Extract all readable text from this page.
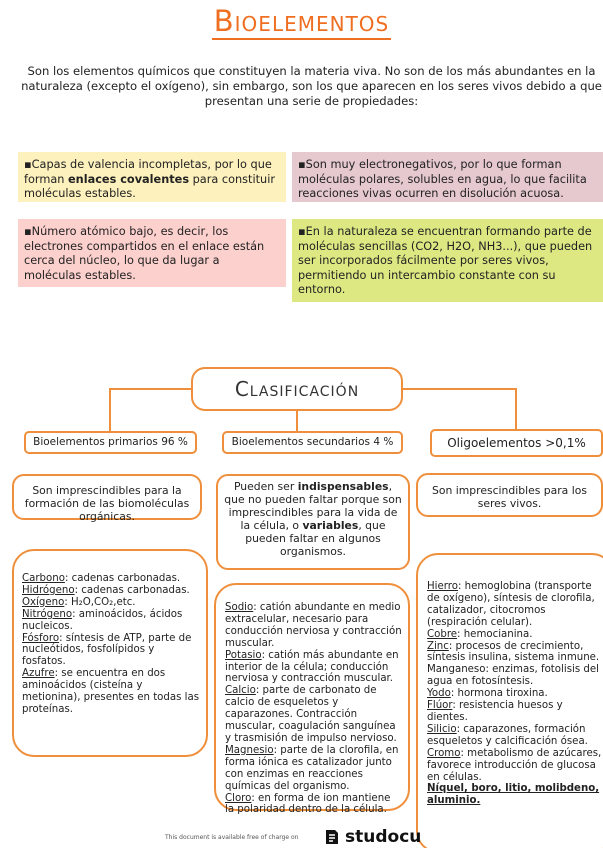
Bioelementos

Son los elementos químicos que constituyen la materia viva. No son de los más abundantes en la naturaleza (excepto el oxígeno), sin embargo, son los que aparecen en los seres vivos debido a que presentan una serie de propiedades:

▪Capas de valencia incompletas, por lo que forman enlaces covalentes para constituir moléculas estables.
▪Son muy electronegativos, por lo que forman moléculas polares, solubles en agua, lo que facilita reacciones vivas ocurren en disolución acuosa.
▪Número atómico bajo, es decir, los electrones compartidos en el enlace están cerca del núcleo, lo que da lugar a moléculas estables.
▪En la naturaleza se encuentran formando parte de moléculas sencillas (CO2, H2O, NH3...), que pueden ser incorporados fácilmente por seres vivos, permitiendo un intercambio constante con su entorno.
Clasificación
Bioelementos primarios 96 %	Bioelementos secundarios 4 %	Oligoelementos >0,1%
Son imprescindibles para la formación de las biomoléculas orgánicas.
Pueden ser indispensables, que no pueden faltar porque son imprescindibles para la vida de la célula, o variables, que pueden faltar en algunos organismos.
Son imprescindibles para los seres vivos.
Carbono: cadenas carbonadas.
Hidrógeno: cadenas carbonadas.
Oxígeno: H₂O,CO₂,etc.
Nitrógeno: aminoácidos, ácidos nucleicos.
Fósforo: síntesis de ATP, parte de nucleótidos, fosfolípidos y fosfatos.
Azufre: se encuentra en dos aminoácidos (cisteína y metionina), presentes en todas las proteínas.
Sodio: catión abundante en medio extracelular, necesario para conducción nerviosa y contracción muscular.
Potasio: catión más abundante en interior de la célula; conducción nerviosa y contracción muscular.
Calcio: parte de carbonato de calcio de esqueletos y caparazones. Contracción muscular, coagulación sanguínea y trasmisión de impulso nervioso.
Magnesio: parte de la clorofila, en forma iónica es catalizador junto con enzimas en reacciones químicas del organismo.
Cloro: en forma de ion mantiene la polaridad dentro de la célula.
Hierro: hemoglobina (transporte de oxígeno), síntesis de clorofila, catalizador, citocromos (respiración celular).
Cobre: hemocianina.
Zinc: procesos de crecimiento, síntesis insulina, sistema inmune.
Manganeso: enzimas, fotolisis del agua en fotosíntesis.
Yodo: hormona tiroxina.
Flúor: resistencia huesos y dientes.
Silicio: caparazones, formación esqueletos y calcificación ósea.
Cromo: metabolismo de azúcares, favorece introducción de glucosa en células.
Níquel, boro, litio, molibdeno, aluminio.
This document is available free of charge on	studocu
